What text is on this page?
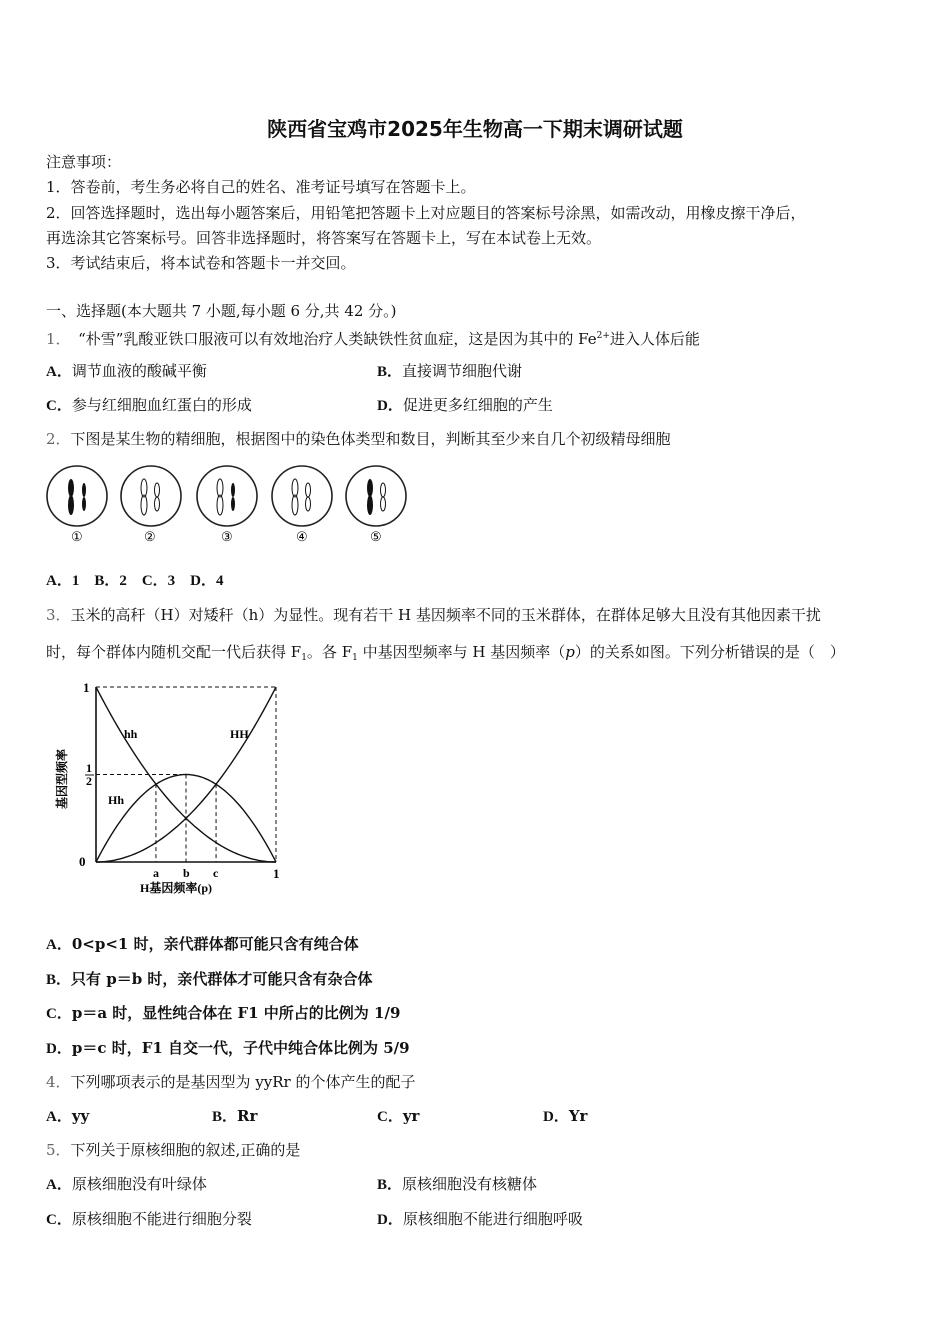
陕西省宝鸡市2025年生物高一下期末调研试题
注意事项：
1．答卷前，考生务必将自己的姓名、准考证号填写在答题卡上。
2．回答选择题时，选出每小题答案后，用铅笔把答题卡上对应题目的答案标号涂黑，如需改动，用橡皮擦干净后，
再选涂其它答案标号。回答非选择题时，将答案写在答题卡上，写在本试卷上无效。
3．考试结束后，将本试卷和答题卡一并交回。
一、选择题(本大题共 7 小题,每小题 6 分,共 42 分。)
1．　 “朴雪”乳酸亚铁口服液可以有效地治疗人类缺铁性贫血症，这是因为其中的 $Fe^{2+}$进入人体后能
A．调节血液的酸碱平衡	B．直接调节细胞代谢
C．参与红细胞血红蛋白的形成	D．促进更多红细胞的产生
2．下图是某生物的精细胞，根据图中的染色体类型和数目，判断其至少来自几个初级精母细胞
①	②	③	④	⑤
A．1　B．2　C．3　D．4
3．玉米的高秆（H）对矮秆（h）为显性。现有若干 H 基因频率不同的玉米群体，在群体足够大且没有其他因素干扰
时，每个群体内随机交配一代后获得 $F_1$。各 $F_1$ 中基因型频率与 H 基因频率（p）的关系如图。下列分析错误的是（　）
1
1
2
0
1
基因型频率
H基因频率(p)
hh	HH
Hh
a b c
A．0<p<1 时，亲代群体都可能只含有纯合体
B．只有 p＝b 时，亲代群体才可能只含有杂合体
C．p＝a 时，显性纯合体在 F1 中所占的比例为 1/9
D．p＝c 时，F1 自交一代，子代中纯合体比例为 5/9
4．下列哪项表示的是基因型为 yyRr 的个体产生的配子
A．yy	B．Rr	C．yr	D．Yr
5．下列关于原核细胞的叙述,正确的是
A．原核细胞没有叶绿体	B．原核细胞没有核糖体
C．原核细胞不能进行细胞分裂	D．原核细胞不能进行细胞呼吸
